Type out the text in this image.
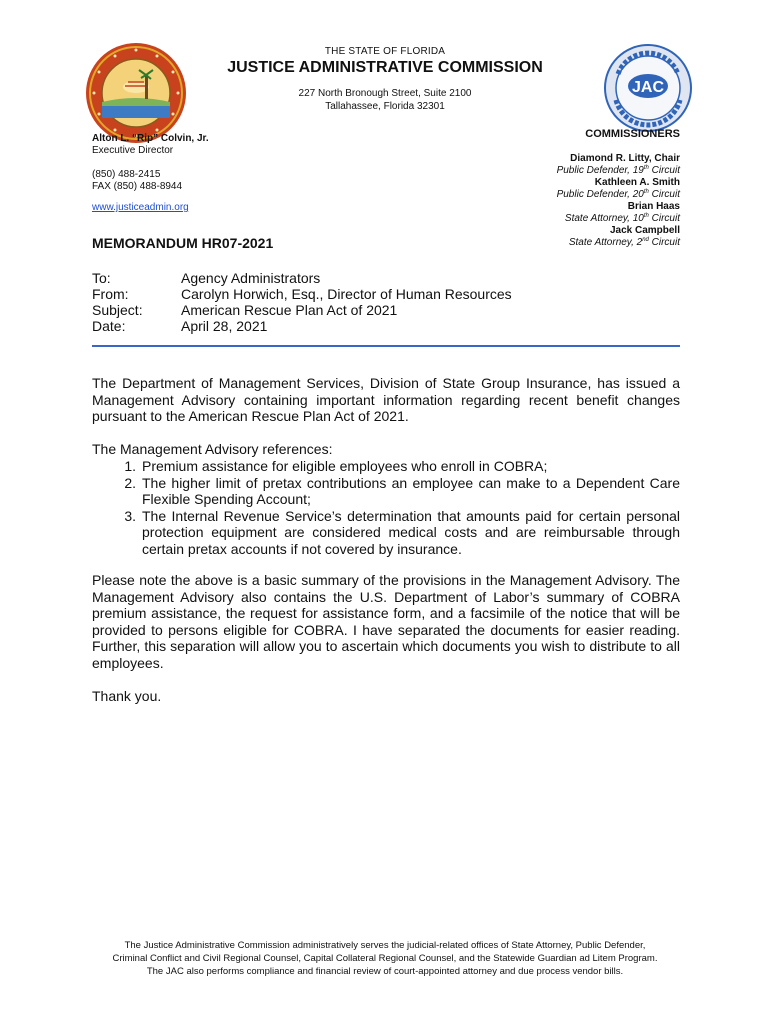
THE STATE OF FLORIDA
JUSTICE ADMINISTRATIVE COMMISSION
227 North Bronough Street, Suite 2100
Tallahassee, Florida 32301
JAC
Alton L. “Rip” Colvin, Jr.
Executive Director
(850) 488-2415
FAX (850) 488-8944
www.justiceadmin.org
COMMISSIONERS
Diamond R. Litty, Chair
Public Defender, 19th Circuit
Kathleen A. Smith
Public Defender, 20th Circuit
Brian Haas
State Attorney, 10th Circuit
Jack Campbell
State Attorney, 2nd Circuit
MEMORANDUM HR07-2021
To:	Agency Administrators
From:	Carolyn Horwich, Esq., Director of Human Resources
Subject:	American Rescue Plan Act of 2021
Date:	April 28, 2021
The Department of Management Services, Division of State Group Insurance, has issued a Management Advisory containing important information regarding recent benefit changes pursuant to the American Rescue Plan Act of 2021.
The Management Advisory references:
1. Premium assistance for eligible employees who enroll in COBRA;
2. The higher limit of pretax contributions an employee can make to a Dependent Care Flexible Spending Account;
3. The Internal Revenue Service’s determination that amounts paid for certain personal protection equipment are considered medical costs and are reimbursable through certain pretax accounts if not covered by insurance.
Please note the above is a basic summary of the provisions in the Management Advisory. The Management Advisory also contains the U.S. Department of Labor’s summary of COBRA premium assistance, the request for assistance form, and a facsimile of the notice that will be provided to persons eligible for COBRA. I have separated the documents for easier reading. Further, this separation will allow you to ascertain which documents you wish to distribute to all employees.
Thank you.
The Justice Administrative Commission administratively serves the judicial-related offices of State Attorney, Public Defender,
Criminal Conflict and Civil Regional Counsel, Capital Collateral Regional Counsel, and the Statewide Guardian ad Litem Program.
The JAC also performs compliance and financial review of court-appointed attorney and due process vendor bills.
